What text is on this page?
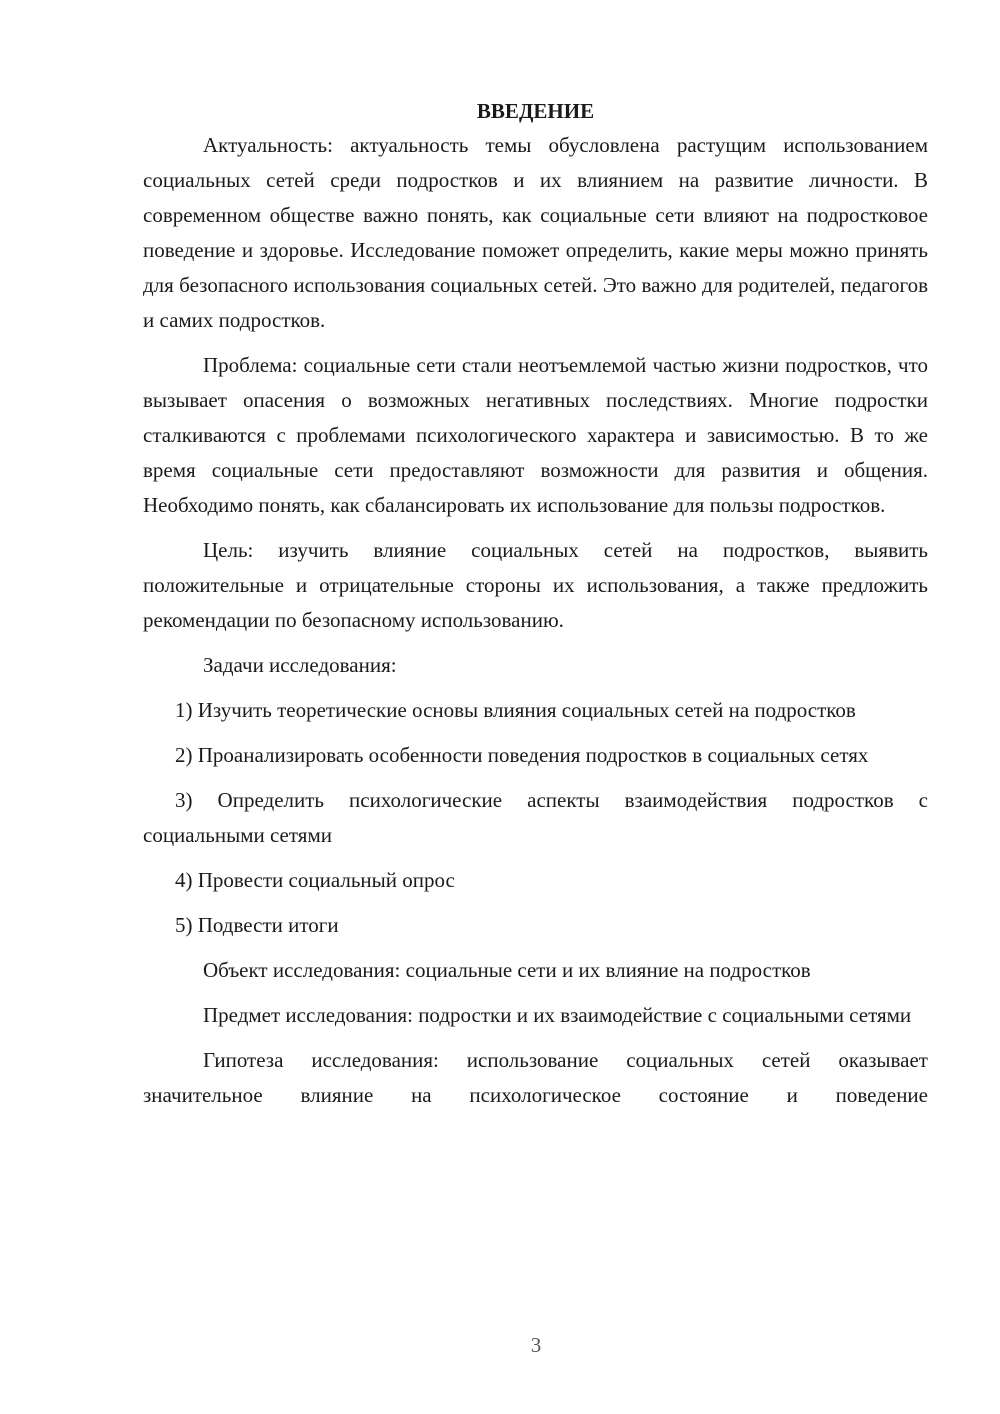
ВВЕДЕНИЕ

Актуальность: актуальность темы обусловлена растущим использованием социальных сетей среди подростков и их влиянием на развитие личности. В современном обществе важно понять, как социальные сети влияют на подростковое поведение и здоровье. Исследование поможет определить, какие меры можно принять для безопасного использования социальных сетей. Это важно для родителей, педагогов и самих подростков.

Проблема: социальные сети стали неотъемлемой частью жизни подростков, что вызывает опасения о возможных негативных последствиях. Многие подростки сталкиваются с проблемами психологического характера и зависимостью. В то же время социальные сети предоставляют возможности для развития и общения. Необходимо понять, как сбалансировать их использование для пользы подростков.

Цель: изучить влияние социальных сетей на подростков, выявить положительные и отрицательные стороны их использования, а также предложить рекомендации по безопасному использованию.

Задачи исследования:

1) Изучить теоретические основы влияния социальных сетей на подростков

2) Проанализировать особенности поведения подростков в социальных сетях

3) Определить психологические аспекты взаимодействия подростков с социальными сетями

4) Провести социальный опрос

5) Подвести итоги

Объект исследования: социальные сети и их влияние на подростков

Предмет исследования: подростки и их взаимодействие с социальными сетями

Гипотеза исследования: использование социальных сетей оказывает значительное влияние на психологическое состояние и поведение

3
